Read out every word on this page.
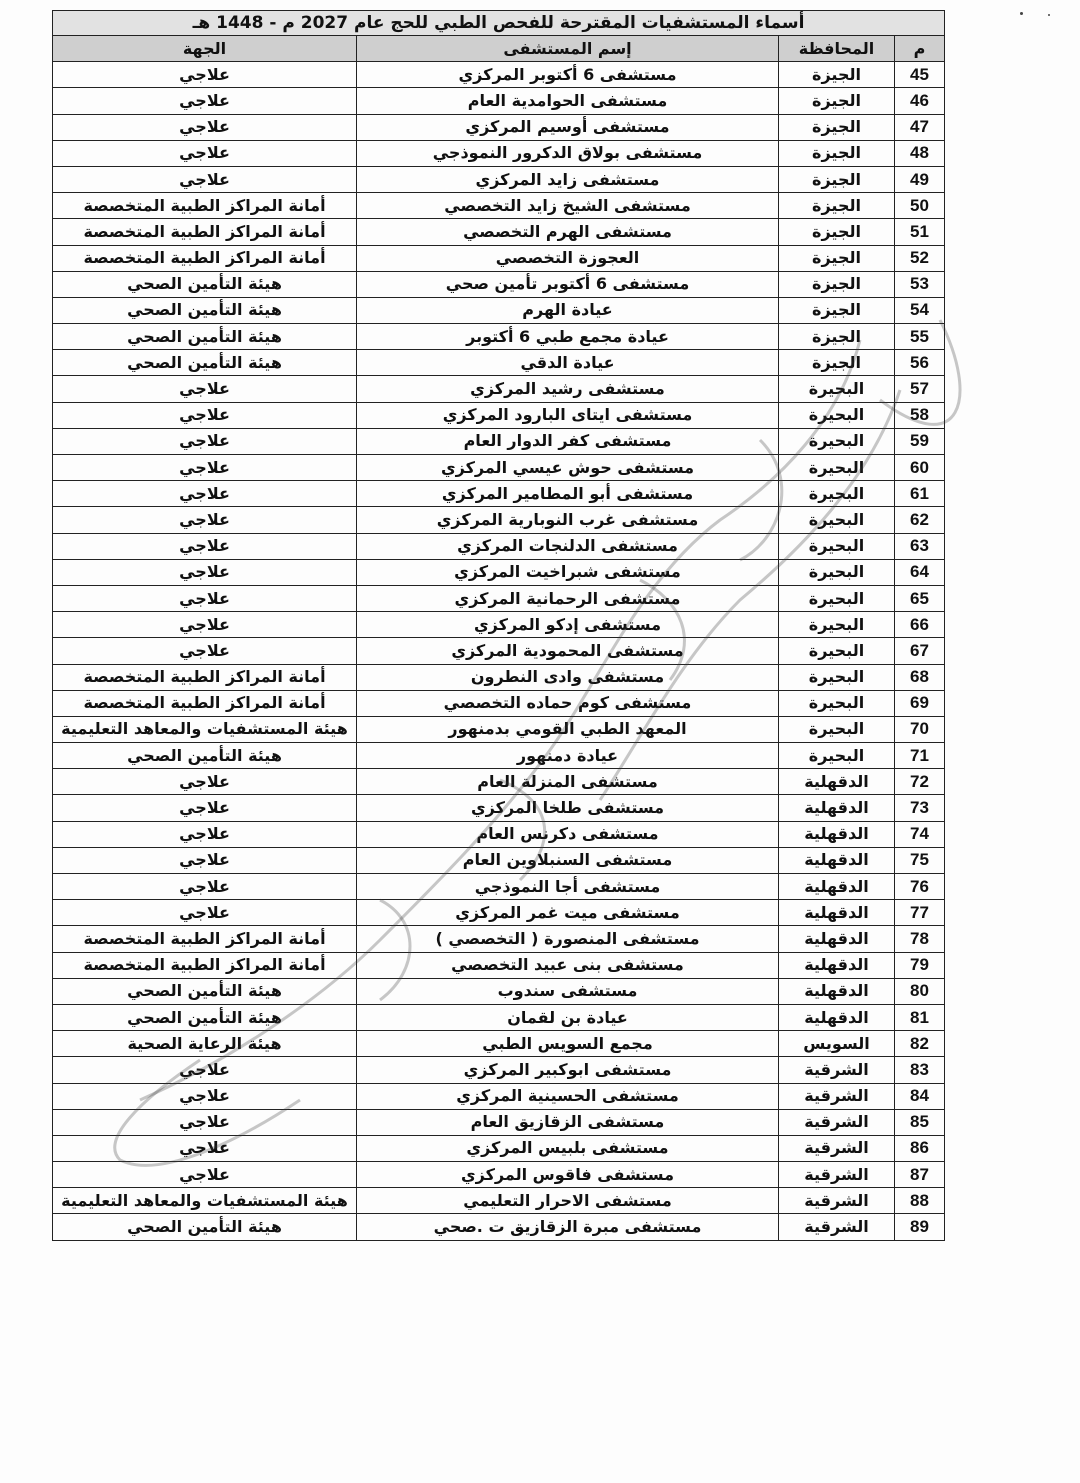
أسماء المستشفيات المقترحة للفحص الطبي للحج عام 2027 م - 1448 هـ			
م	المحافظة	إسم المستشفى	الجهة
45	الجيزة	مستشفى 6 أكتوبر المركزي	علاجي
46	الجيزة	مستشفى الحوامدية العام	علاجي
47	الجيزة	مستشفى أوسيم المركزي	علاجي
48	الجيزة	مستشفى بولاق الدكرور النموذجي	علاجي
49	الجيزة	مستشفى زايد المركزي	علاجي
50	الجيزة	مستشفى الشيخ زايد التخصصي	أمانة المراكز الطبية المتخصصة
51	الجيزة	مستشفى الهرم التخصصي	أمانة المراكز الطبية المتخصصة
52	الجيزة	العجوزة التخصصي	أمانة المراكز الطبية المتخصصة
53	الجيزة	مستشفى 6 أكتوبر تأمين صحي	هيئة التأمين الصحي
54	الجيزة	عيادة الهرم	هيئة التأمين الصحي
55	الجيزة	عيادة مجمع طبي 6 أكتوبر	هيئة التأمين الصحي
56	الجيزة	عيادة الدقي	هيئة التأمين الصحي
57	البحيرة	مستشفى رشيد المركزي	علاجي
58	البحيرة	مستشفى ايتاى البارود المركزي	علاجي
59	البحيرة	مستشفى كفر الدوار العام	علاجي
60	البحيرة	مستشفى حوش عيسي المركزي	علاجي
61	البحيرة	مستشفى أبو المطامير المركزي	علاجي
62	البحيرة	مستشفى غرب النوبارية المركزي	علاجي
63	البحيرة	مستشفى الدلنجات المركزي	علاجي
64	البحيرة	مستشفى شبراخيت المركزي	علاجي
65	البحيرة	مستشفى الرحمانية المركزي	علاجي
66	البحيرة	مستشفى إدكو المركزي	علاجي
67	البحيرة	مستشفى المحمودية المركزي	علاجي
68	البحيرة	مستشفى وادى النطرون	أمانة المراكز الطبية المتخصصة
69	البحيرة	مستشفى كوم حماده التخصصي	أمانة المراكز الطبية المتخصصة
70	البحيرة	المعهد الطبي القومي بدمنهور	هيئة المستشفيات والمعاهد التعليمية
71	البحيرة	عيادة دمنهور	هيئة التأمين الصحي
72	الدقهلية	مستشفى المنزلة العام	علاجي
73	الدقهلية	مستشفى طلخا المركزي	علاجي
74	الدقهلية	مستشفى دكرنس العام	علاجي
75	الدقهلية	مستشفى السنبلاوين العام	علاجي
76	الدقهلية	مستشفى أجا النموذجي	علاجي
77	الدقهلية	مستشفى ميت غمر المركزي	علاجي
78	الدقهلية	مستشفى المنصورة ( التخصصي )	أمانة المراكز الطبية المتخصصة
79	الدقهلية	مستشفى بنى عبيد التخصصي	أمانة المراكز الطبية المتخصصة
80	الدقهلية	مستشفى سندوب	هيئة التأمين الصحي
81	الدقهلية	عيادة بن لقمان	هيئة التأمين الصحي
82	السويس	مجمع السويس الطبي	هيئة الرعاية الصحية
83	الشرقية	مستشفى ابوكبير المركزي	علاجي
84	الشرقية	مستشفى الحسينية المركزي	علاجي
85	الشرقية	مستشفى الزقازيق العام	علاجي
86	الشرقية	مستشفى بلبيس المركزي	علاجي
87	الشرقية	مستشفى فاقوس المركزي	علاجي
88	الشرقية	مستشفى الاحرار التعليمي	هيئة المستشفيات والمعاهد التعليمية
89	الشرقية	مستشفى مبرة الزقازيق ت .صحي	هيئة التأمين الصحي
